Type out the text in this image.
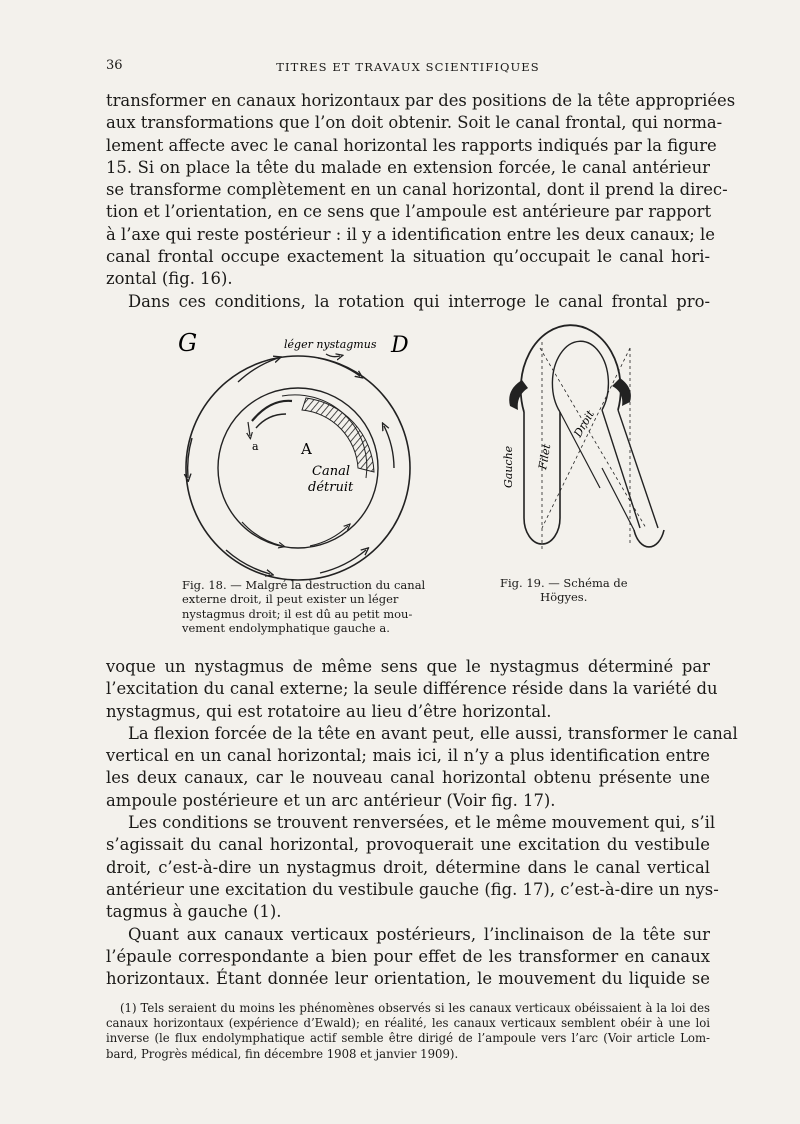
36	TITRES ET TRAVAUX SCIENTIFIQUES
transformer en canaux horizontaux par des positions de la tête appropriées
aux transformations que l’on doit obtenir. Soit le canal frontal, qui norma-
lement affecte avec le canal horizontal les rapports indiqués par la figure
15. Si on place la tête du malade en extension forcée, le canal antérieur
se transforme complètement en un canal horizontal, dont il prend la direc-
tion et l’orientation, en ce sens que l’ampoule est antérieure par rapport
à l’axe qui reste postérieur : il y a identification entre les deux canaux; le
canal frontal occupe exactement la situation qu’occupait le canal hori-
zontal (fig. 16).
Dans ces conditions, la rotation qui interroge le canal frontal pro-
G	léger nystagmus D
a	A
Canal
détruit	Gauche Filet
Droit
Fig. 18. — Malgré la destruction du canal
externe droit, il peut exister un léger
nystagmus droit; il est dû au petit mou-
vement endolymphatique gauche a.
Fig. 19. — Schéma de
Högyes.
voque un nystagmus de même sens que le nystagmus déterminé par
l’excitation du canal externe; la seule différence réside dans la variété du
nystagmus, qui est rotatoire au lieu d’être horizontal.
La flexion forcée de la tête en avant peut, elle aussi, transformer le canal
vertical en un canal horizontal; mais ici, il n’y a plus identification entre
les deux canaux, car le nouveau canal horizontal obtenu présente une
ampoule postérieure et un arc antérieur (Voir fig. 17).
Les conditions se trouvent renversées, et le même mouvement qui, s’il
s’agissait du canal horizontal, provoquerait une excitation du vestibule
droit, c’est-à-dire un nystagmus droit, détermine dans le canal vertical
antérieur une excitation du vestibule gauche (fig. 17), c’est-à-dire un nys-
tagmus à gauche (1).
Quant aux canaux verticaux postérieurs, l’inclinaison de la tête sur
l’épaule correspondante a bien pour effet de les transformer en canaux
horizontaux. Étant donnée leur orientation, le mouvement du liquide se
(1) Tels seraient du moins les phénomènes observés si les canaux verticaux obéissaient à la loi des
canaux horizontaux (expérience d’Ewald); en réalité, les canaux verticaux semblent obéir à une loi
inverse (le flux endolymphatique actif semble être dirigé de l’ampoule vers l’arc (Voir article Lom-
bard, Progrès médical, fin décembre 1908 et janvier 1909).
